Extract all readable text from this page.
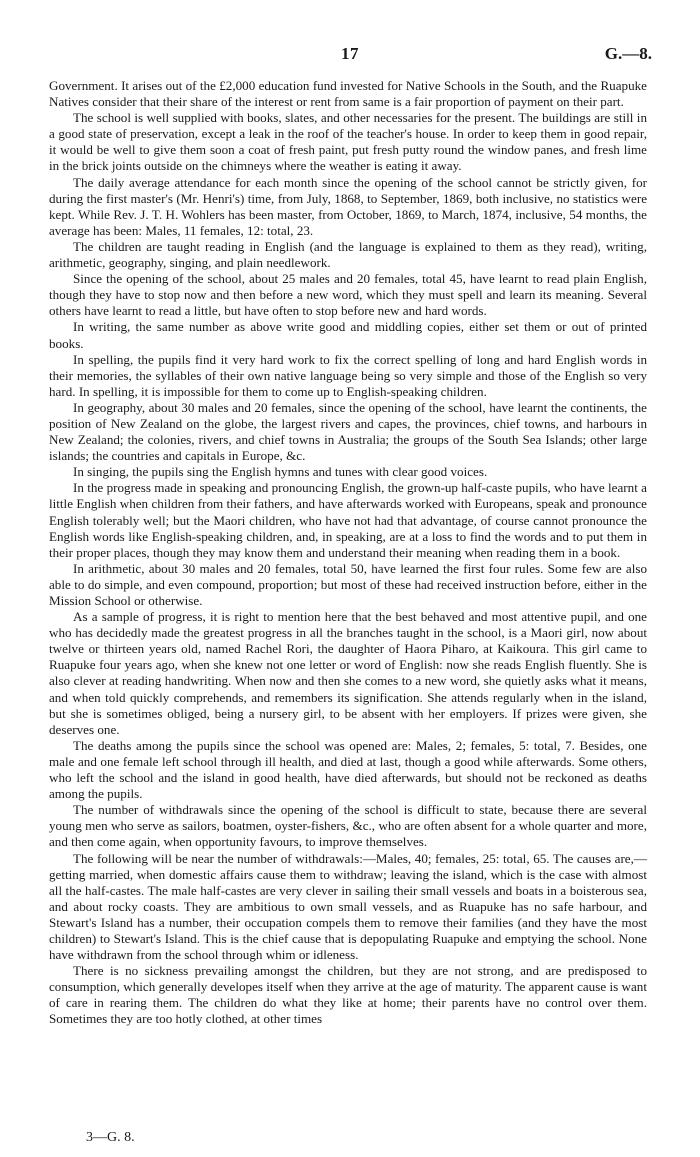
17	G.—8.

Government. It arises out of the £2,000 education fund invested for Native Schools in the South, and the Ruapuke Natives consider that their share of the interest or rent from same is a fair proportion of payment on their part.

The school is well supplied with books, slates, and other necessaries for the present. The buildings are still in a good state of preservation, except a leak in the roof of the teacher's house. In order to keep them in good repair, it would be well to give them soon a coat of fresh paint, put fresh putty round the window panes, and fresh lime in the brick joints outside on the chimneys where the weather is eating it away.

The daily average attendance for each month since the opening of the school cannot be strictly given, for during the first master's (Mr. Henri's) time, from July, 1868, to September, 1869, both inclusive, no statistics were kept. While Rev. J. T. H. Wohlers has been master, from October, 1869, to March, 1874, inclusive, 54 months, the average has been: Males, 11 females, 12: total, 23.

The children are taught reading in English (and the language is explained to them as they read), writing, arithmetic, geography, singing, and plain needlework.

Since the opening of the school, about 25 males and 20 females, total 45, have learnt to read plain English, though they have to stop now and then before a new word, which they must spell and learn its meaning. Several others have learnt to read a little, but have often to stop before new and hard words.

In writing, the same number as above write good and middling copies, either set them or out of printed books.

In spelling, the pupils find it very hard work to fix the correct spelling of long and hard English words in their memories, the syllables of their own native language being so very simple and those of the English so very hard. In spelling, it is impossible for them to come up to English-speaking children.

In geography, about 30 males and 20 females, since the opening of the school, have learnt the continents, the position of New Zealand on the globe, the largest rivers and capes, the provinces, chief towns, and harbours in New Zealand; the colonies, rivers, and chief towns in Australia; the groups of the South Sea Islands; other large islands; the countries and capitals in Europe, &c.

In singing, the pupils sing the English hymns and tunes with clear good voices.

In the progress made in speaking and pronouncing English, the grown-up half-caste pupils, who have learnt a little English when children from their fathers, and have afterwards worked with Europeans, speak and pronounce English tolerably well; but the Maori children, who have not had that advantage, of course cannot pronounce the English words like English-speaking children, and, in speaking, are at a loss to find the words and to put them in their proper places, though they may know them and understand their meaning when reading them in a book.

In arithmetic, about 30 males and 20 females, total 50, have learned the first four rules. Some few are also able to do simple, and even compound, proportion; but most of these had received instruction before, either in the Mission School or otherwise.

As a sample of progress, it is right to mention here that the best behaved and most attentive pupil, and one who has decidedly made the greatest progress in all the branches taught in the school, is a Maori girl, now about twelve or thirteen years old, named Rachel Rori, the daughter of Haora Piharo, at Kaikoura. This girl came to Ruapuke four years ago, when she knew not one letter or word of English: now she reads English fluently. She is also clever at reading handwriting. When now and then she comes to a new word, she quietly asks what it means, and when told quickly comprehends, and remembers its signification. She attends regularly when in the island, but she is sometimes obliged, being a nursery girl, to be absent with her employers. If prizes were given, she deserves one.

The deaths among the pupils since the school was opened are: Males, 2; females, 5: total, 7. Besides, one male and one female left school through ill health, and died at last, though a good while afterwards. Some others, who left the school and the island in good health, have died afterwards, but should not be reckoned as deaths among the pupils.

The number of withdrawals since the opening of the school is difficult to state, because there are several young men who serve as sailors, boatmen, oyster-fishers, &c., who are often absent for a whole quarter and more, and then come again, when opportunity favours, to improve themselves.

The following will be near the number of withdrawals:—Males, 40; females, 25: total, 65. The causes are,—getting married, when domestic affairs cause them to withdraw; leaving the island, which is the case with almost all the half-castes. The male half-castes are very clever in sailing their small vessels and boats in a boisterous sea, and about rocky coasts. They are ambitious to own small vessels, and as Ruapuke has no safe harbour, and Stewart's Island has a number, their occupation compels them to remove their families (and they have the most children) to Stewart's Island. This is the chief cause that is depopulating Ruapuke and emptying the school. None have withdrawn from the school through whim or idleness.

There is no sickness prevailing amongst the children, but they are not strong, and are predisposed to consumption, which generally developes itself when they arrive at the age of maturity. The apparent cause is want of care in rearing them. The children do what they like at home; their parents have no control over them. Sometimes they are too hotly clothed, at other times

3—G. 8.
